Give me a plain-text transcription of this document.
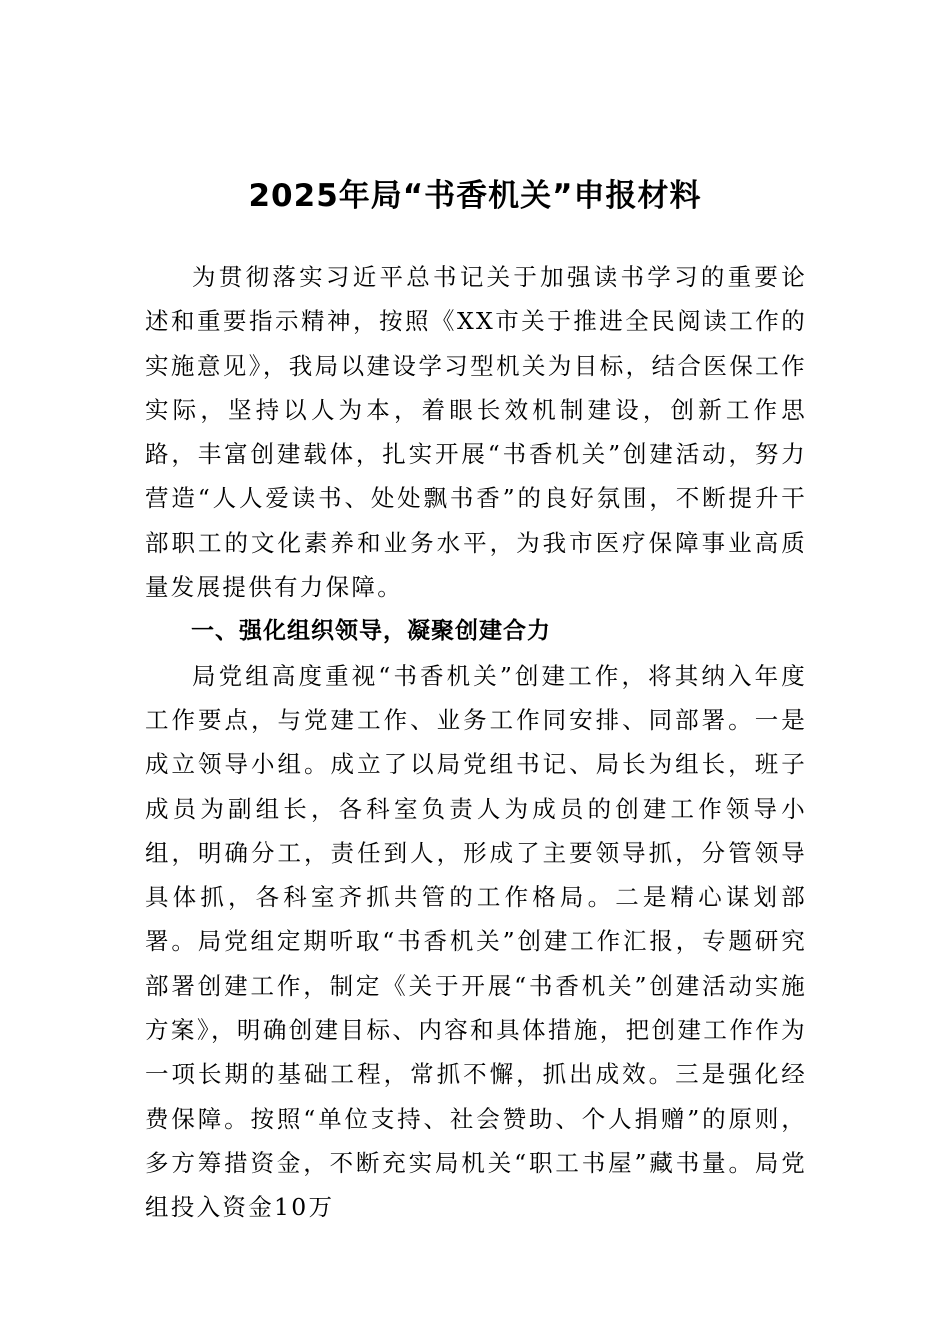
2025年局“书香机关”申报材料

为贯彻落实习近平总书记关于加强读书学习的重要论述和重要指示精神，按照《XX市关于推进全民阅读工作的实施意见》，我局以建设学习型机关为目标，结合医保工作实际，坚持以人为本，着眼长效机制建设，创新工作思路，丰富创建载体，扎实开展“书香机关”创建活动，努力营造“人人爱读书、处处飘书香”的良好氛围，不断提升干部职工的文化素养和业务水平，为我市医疗保障事业高质量发展提供有力保障。

一、强化组织领导，凝聚创建合力

局党组高度重视“书香机关”创建工作，将其纳入年度工作要点，与党建工作、业务工作同安排、同部署。一是成立领导小组。成立了以局党组书记、局长为组长，班子成员为副组长，各科室负责人为成员的创建工作领导小组，明确分工，责任到人，形成了主要领导抓，分管领导具体抓，各科室齐抓共管的工作格局。二是精心谋划部署。局党组定期听取“书香机关”创建工作汇报，专题研究部署创建工作，制定《关于开展“书香机关”创建活动实施方案》，明确创建目标、内容和具体措施，把创建工作作为一项长期的基础工程，常抓不懈，抓出成效。三是强化经费保障。按照“单位支持、社会赞助、个人捐赠”的原则，多方筹措资金，不断充实局机关“职工书屋”藏书量。局党组投入资金10万
